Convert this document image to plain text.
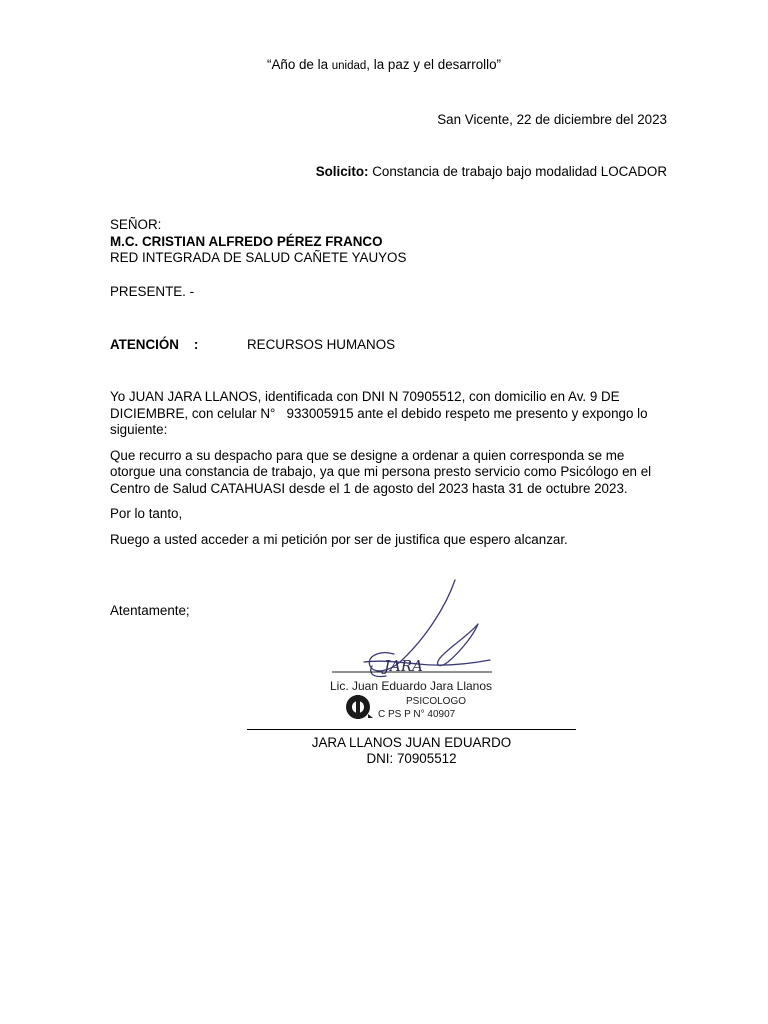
“Año de la unidad, la paz y el desarrollo”
San Vicente, 22 de diciembre del 2023
Solicito: Constancia de trabajo bajo modalidad LOCADOR
SEÑOR:
M.C. CRISTIAN ALFREDO PÉREZ FRANCO
RED INTEGRADA DE SALUD CAÑETE YAUYOS
PRESENTE. -
ATENCIÓN    :	RECURSOS HUMANOS

Yo JUAN JARA LLANOS, identificada con DNI N 70905512, con domicilio en Av. 9 DE DICIEMBRE, con celular N°   933005915 ante el debido respeto me presento y expongo lo siguiente:

Que recurro a su despacho para que se designe a ordenar a quien corresponda se me otorgue una constancia de trabajo, ya que mi persona presto servicio como Psicólogo en el Centro de Salud CATAHUASI desde el 1 de agosto del 2023 hasta 31 de octubre 2023.

Por lo tanto,

Ruego a usted acceder a mi petición por ser de justifica que espero alcanzar.

Atentamente;
JARA
Lic. Juan Eduardo Jara Llanos
PSICOLOGO
C PS P N° 40907
JARA LLANOS JUAN EDUARDO
DNI: 70905512
